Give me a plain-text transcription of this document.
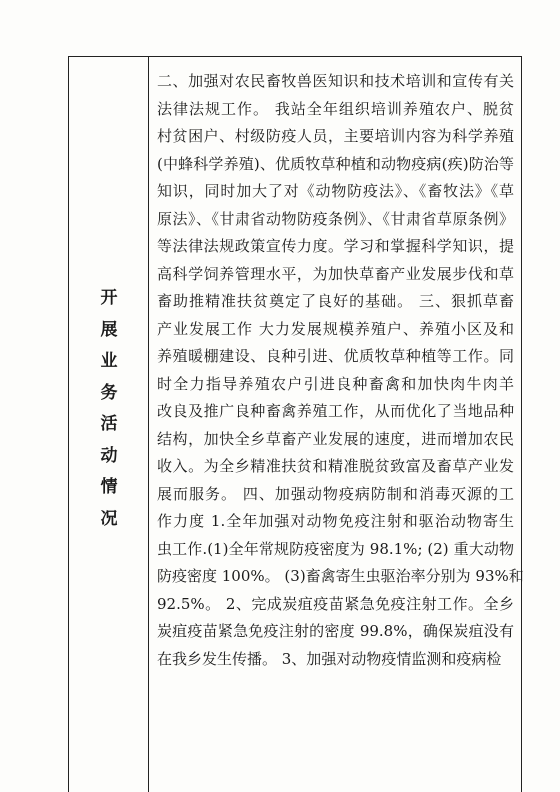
开
展
业
务
活
动
情
况
二、加强对农民畜牧兽医知识和技术培训和宣传有关
法律法规工作。 我站全年组织培训养殖农户、脱贫
村贫困户、村级防疫人员，主要培训内容为科学养殖
(中蜂科学养殖)、优质牧草种植和动物疫病(疾)防治等
知识，同时加大了对《动物防疫法》、《畜牧法》《草
原法》、《甘肃省动物防疫条例》、《甘肃省草原条例》
等法律法规政策宣传力度。学习和掌握科学知识，提
高科学饲养管理水平，为加快草畜产业发展步伐和草
畜助推精准扶贫奠定了良好的基础。 三、狠抓草畜
产业发展工作 大力发展规模养殖户、养殖小区及和
养殖暖棚建设、良种引进、优质牧草种植等工作。同
时全力指导养殖农户引进良种畜禽和加快肉牛肉羊
改良及推广良种畜禽养殖工作，从而优化了当地品种
结构，加快全乡草畜产业发展的速度，进而增加农民
收入。为全乡精准扶贫和精准脱贫致富及畜草产业发
展而服务。 四、加强动物疫病防制和消毒灭源的工
作力度 1.全年加强对动物免疫注射和驱治动物寄生
虫工作.(1)全年常规防疫密度为 98.1%; (2) 重大动物
防疫密度 100%。 (3)畜禽寄生虫驱治率分别为 93%和
92.5%。 2、完成炭疽疫苗紧急免疫注射工作。全乡
炭疽疫苗紧急免疫注射的密度 99.8%，确保炭疽没有
在我乡发生传播。 3、加强对动物疫情监测和疫病检
